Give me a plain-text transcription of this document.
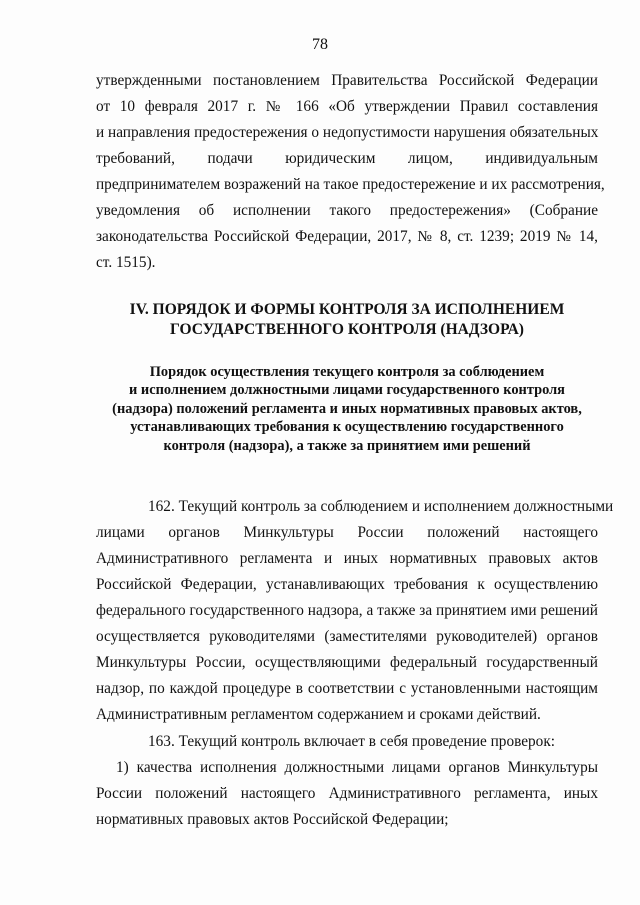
78
утвержденными постановлением Правительства Российской Федерации
от 10 февраля 2017 г. № 166 «Об утверждении Правил составления
и направления предостережения о недопустимости нарушения обязательных
требований, подачи юридическим лицом, индивидуальным
предпринимателем возражений на такое предостережение и их рассмотрения,
уведомления об исполнении такого предостережения» (Собрание
законодательства Российской Федерации, 2017, № 8, ст. 1239; 2019 № 14,
ст. 1515).
IV. ПОРЯДОК И ФОРМЫ КОНТРОЛЯ ЗА ИСПОЛНЕНИЕМ
ГОСУДАРСТВЕННОГО КОНТРОЛЯ (НАДЗОРА)
Порядок осуществления текущего контроля за соблюдением
и исполнением должностными лицами государственного контроля
(надзора) положений регламента и иных нормативных правовых актов,
устанавливающих требования к осуществлению государственного
контроля (надзора), а также за принятием ими решений
162. Текущий контроль за соблюдением и исполнением должностными
лицами органов Минкультуры России положений настоящего
Административного регламента и иных нормативных правовых актов
Российской Федерации, устанавливающих требования к осуществлению
федерального государственного надзора, а также за принятием ими решений
осуществляется руководителями (заместителями руководителей) органов
Минкультуры России, осуществляющими федеральный государственный
надзор, по каждой процедуре в соответствии с установленными настоящим
Административным регламентом содержанием и сроками действий.
163. Текущий контроль включает в себя проведение проверок:
1) качества исполнения должностными лицами органов Минкультуры
России положений настоящего Административного регламента, иных
нормативных правовых актов Российской Федерации;
